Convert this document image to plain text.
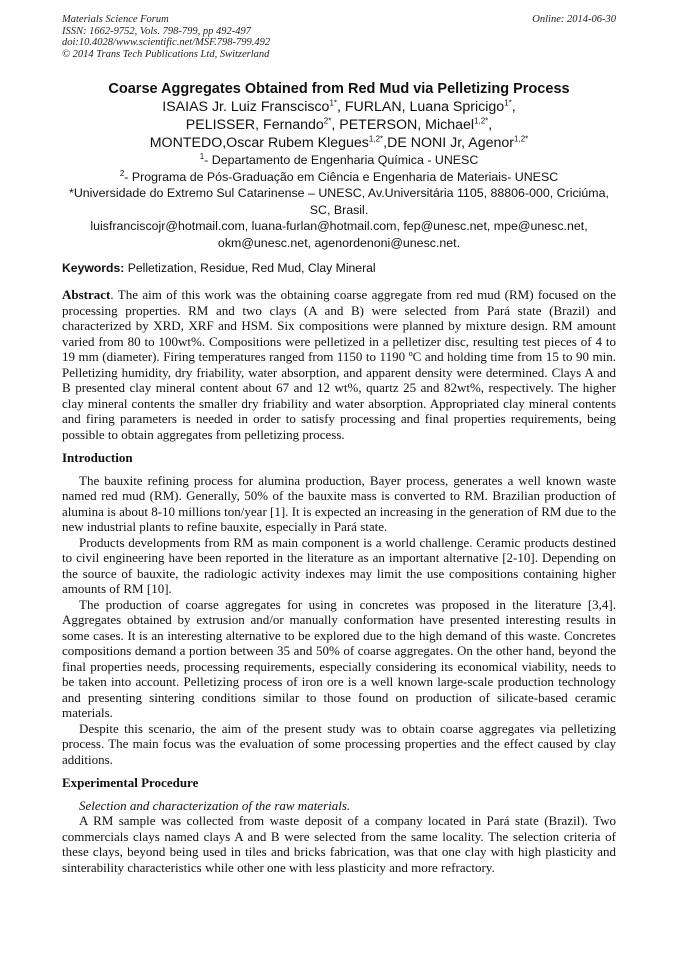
Materials Science Forum
ISSN: 1662-9752, Vols. 798-799, pp 492-497
doi:10.4028/www.scientific.net/MSF.798-799.492
© 2014 Trans Tech Publications Ltd, Switzerland
Online: 2014-06-30

Coarse Aggregates Obtained from Red Mud via Pelletizing Process

ISAIAS Jr. Luiz Franscisco$^{1*}$, FURLAN, Luana Spricigo$^{1*}$,

PELISSER, Fernando$^{2*}$, PETERSON, Michael$^{1,2*}$,

MONTEDO,Oscar Rubem Klegues$^{1,2*}$,DE NONI Jr, Agenor$^{1,2*}$

$^1$- Departamento de Engenharia Química - UNESC

$^2$- Programa de Pós-Graduação em Ciência e Engenharia de Materiais- UNESC

*Universidade do Extremo Sul Catarinense – UNESC, Av.Universitária 1105, 88806-000, Criciúma, SC, Brasil.

luisfranciscojr@hotmail.com, luana-furlan@hotmail.com, fep@unesc.net, mpe@unesc.net, okm@unesc.net, agenordenoni@unesc.net.

Keywords: Pelletization, Residue, Red Mud, Clay Mineral

Abstract. The aim of this work was the obtaining coarse aggregate from red mud (RM) focused on the processing properties. RM and two clays (A and B) were selected from Pará state (Brazil) and characterized by XRD, XRF and HSM. Six compositions were planned by mixture design. RM amount varied from 80 to 100wt%. Compositions were pelletized in a pelletizer disc, resulting test pieces of 4 to 19 mm (diameter). Firing temperatures ranged from 1150 to 1190 ºC and holding time from 15 to 90 min. Pelletizing humidity, dry friability, water absorption, and apparent density were determined. Clays A and B presented clay mineral content about 67 and 12 wt%, quartz 25 and 82wt%, respectively. The higher clay mineral contents the smaller dry friability and water absorption. Appropriated clay mineral contents and firing parameters is needed in order to satisfy processing and final properties requirements, being possible to obtain aggregates from pelletizing process.

Introduction

The bauxite refining process for alumina production, Bayer process, generates a well known waste named red mud (RM). Generally, 50% of the bauxite mass is converted to RM. Brazilian production of alumina is about 8-10 millions ton/year [1]. It is expected an increasing in the generation of RM due to the new industrial plants to refine bauxite, especially in Pará state.

Products developments from RM as main component is a world challenge. Ceramic products destined to civil engineering have been reported in the literature as an important alternative [2-10]. Depending on the source of bauxite, the radiologic activity indexes may limit the use compositions containing higher amounts of RM [10].

The production of coarse aggregates for using in concretes was proposed in the literature [3,4]. Aggregates obtained by extrusion and/or manually conformation have presented interesting results in some cases. It is an interesting alternative to be explored due to the high demand of this waste. Concretes compositions demand a portion between 35 and 50% of coarse aggregates. On the other hand, beyond the final properties needs, processing requirements, especially considering its economical viability, needs to be taken into account. Pelletizing process of iron ore is a well known large-scale production technology and presenting sintering conditions similar to those found on production of silicate-based ceramic materials.

Despite this scenario, the aim of the present study was to obtain coarse aggregates via pelletizing process. The main focus was the evaluation of some processing properties and the effect caused by clay additions.

Experimental Procedure

Selection and characterization of the raw materials.

A RM sample was collected from waste deposit of a company located in Pará state (Brazil). Two commercials clays named clays A and B were selected from the same locality. The selection criteria of these clays, beyond being used in tiles and bricks fabrication, was that one clay with high plasticity and sinterability characteristics while other one with less plasticity and more refractory.
